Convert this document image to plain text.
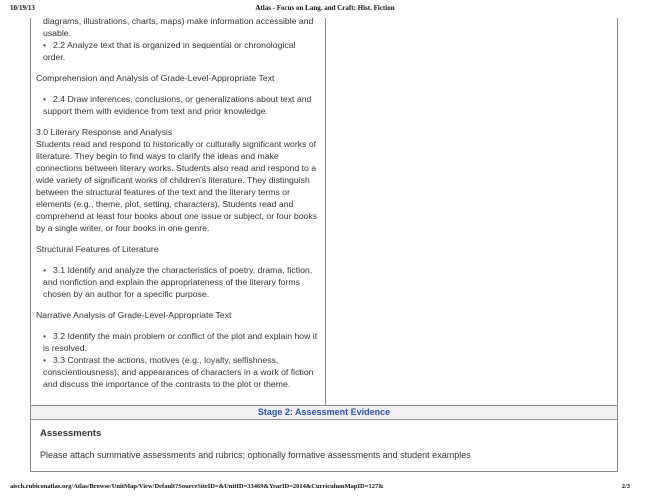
10/19/13	Atlas - Focus on Lang. and Craft: Hist. Fiction
diagrams, illustrations, charts, maps) make information accessible and usable.
• 2.2 Analyze text that is organized in sequential or chronological order.
Comprehension and Analysis of Grade-Level-Appropriate Text
• 2.4 Draw inferences, conclusions, or generalizations about text and support them with evidence from text and prior knowledge.
3.0 Literary Response and Analysis
Students read and respond to historically or culturally significant works of literature. They begin to find ways to clarify the ideas and make connections between literary works. Students also read and respond to a wide variety of significant works of children's literature. They distinguish between the structural features of the text and the literary terms or elements (e.g., theme, plot, setting, characters). Students read and comprehend at least four books about one issue or subject, or four books by a single writer, or four books in one genre.
Structural Features of Literature
• 3.1 Identify and analyze the characteristics of poetry, drama, fiction, and nonfiction and explain the appropriateness of the literary forms chosen by an author for a specific purpose.
Narrative Analysis of Grade-Level-Appropriate Text
• 3.2 Identify the main problem or conflict of the plot and explain how it is resolved.
• 3.3 Contrast the actions, motives (e.g., loyalty, selfishness, conscientiousness), and appearances of characters in a work of fiction and discuss the importance of the contrasts to the plot or theme.
Stage 2: Assessment Evidence
Assessments
Please attach summative assessments and rubrics; optionally formative assessments and student examples
aisch.rubiconatlas.org/Atlas/Browse/UnitMap/View/Default?SourceSiteID=&UnitID=33469&YearID=2014&CurriculumMapID=127&	2/3
